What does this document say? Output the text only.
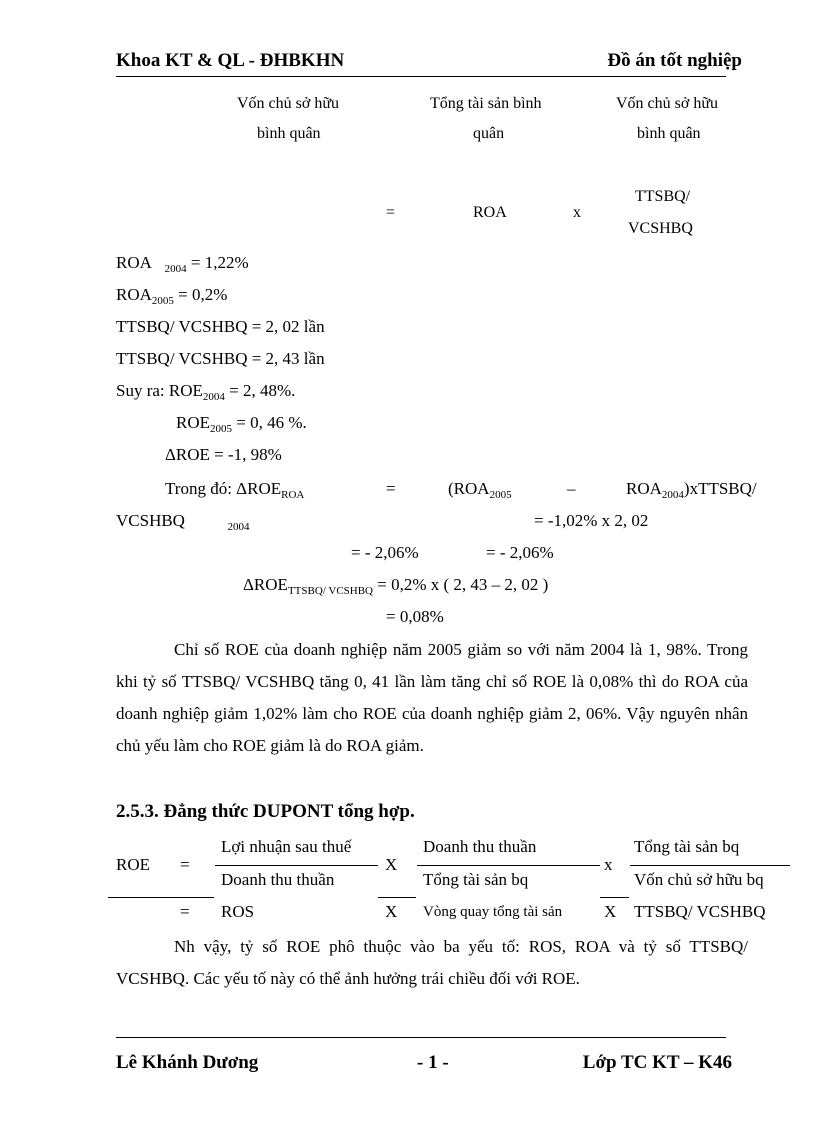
Khoa KT & QL - ĐHBKHN	Đồ án tốt nghiệp
Vốn chủ sở hữu
bình quân
Tổng tài sản bình
quân
Vốn chủ sở hữu
bình quân
=	ROA	x
TTSBQ/
VCSHBQ
ROA $_{2004}$ = 1,22%
$ROA_{2005} = 0,2\%$
TTSBQ/ VCSHBQ = 2, 02 lần
TTSBQ/ VCSHBQ = 2, 43 lần
Suy ra: $ROE_{2004} = 2$, 48%.
$ROE_{2005} = 0$, 46 %.
ΔROE = -1, 98%
Trong đó: $\Delta ROE_{ROA}$	=	($ROA_{2005}$	–	$ROA_{2004})xTTSBQ/$
VCSHBQ	$_{2004}$	= -1,02% x 2, 02
= - 2,06%	= - 2,06%
$\Delta ROE_{TTSBQ/ VCSHBQ} = 0,2\%$ x ( 2, 43 – 2, 02 )
= 0,08%
Chỉ số ROE của doanh nghiệp năm 2005 giảm so với năm 2004 là 1, 98%. Trong khi tỷ số TTSBQ/ VCSHBQ tăng 0, 41 lần làm tăng chỉ số ROE là 0,08% thì do ROA của doanh nghiệp giảm 1,02% làm cho ROE của doanh nghiệp giảm 2, 06%. Vậy nguyên nhân chủ yếu làm cho ROE giảm là do ROA giảm.
2.5.3. Đẳng thức DUPONT tổng hợp.
ROE =
Lợi nhuận sau thuế
Doanh thu thuần
X
Doanh thu thuần
Tổng tài sản bq
x
Tổng tài sản bq
Vốn chủ sở hữu bq
= ROS	X Vòng quay tổng tài sản X TTSBQ/ VCSHBQ
Nh vậy, tỷ số ROE phô thuộc vào ba yếu tố: ROS, ROA và tỷ số TTSBQ/ VCSHBQ. Các yếu tố này có thể ảnh hưởng trái chiều đối với ROE.
Lê Khánh Dương	- 1 -	Lớp TC KT – K46
